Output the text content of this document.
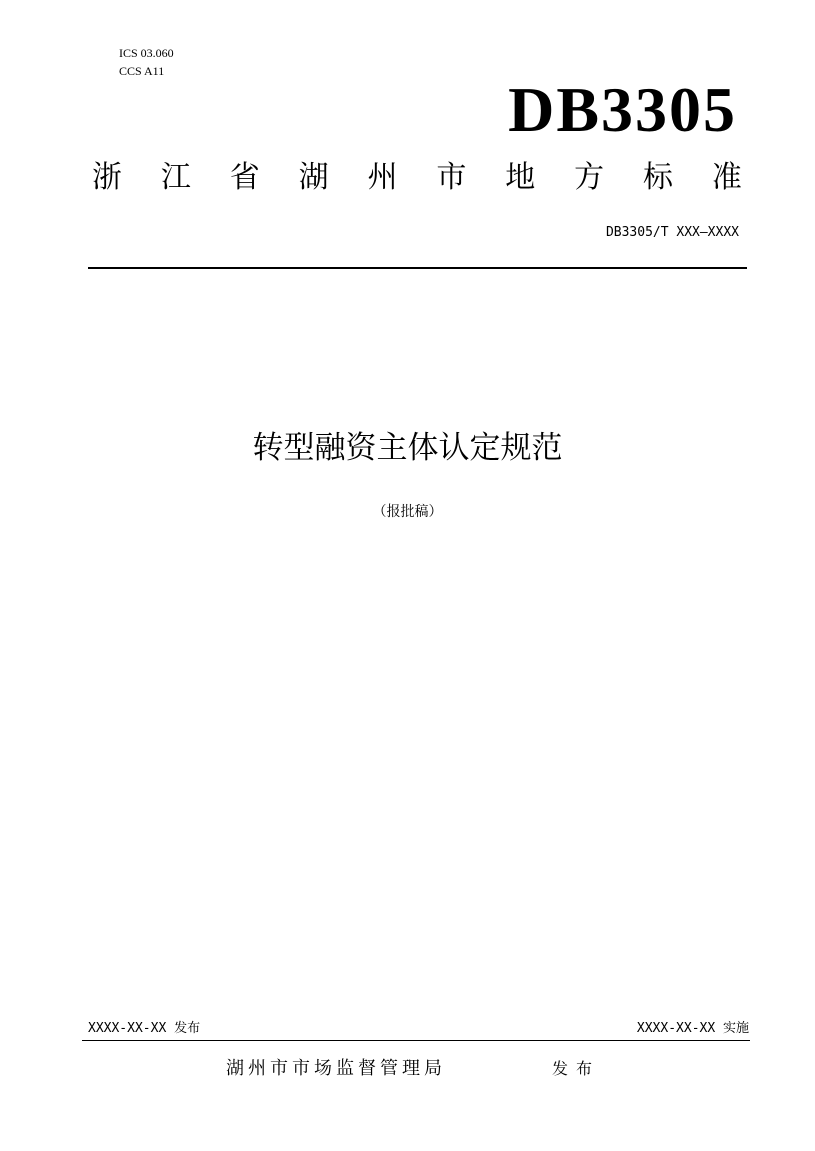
ICS 03.060
CCS A11
DB3305
浙 江 省 湖 州 市 地 方 标 准
DB3305/T XXX—XXXX
转型融资主体认定规范
（报批稿）
XXXX-XX-XX 发布	XXXX-XX-XX 实施
湖州市市场监督管理局	发布
